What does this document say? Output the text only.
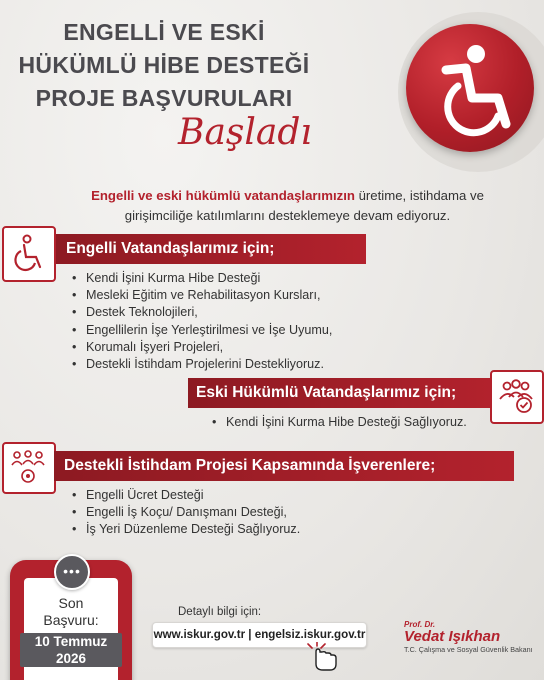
ENGELLİ VE ESKİ
HÜKÜMLÜ HİBE DESTEĞİ
PROJE BAŞVURULARI
Başladı
Engelli ve eski hükümlü vatandaşlarımızın üretime, istihdama ve
girişimciliğe katılımlarını desteklemeye devam ediyoruz.
Engelli Vatandaşlarımız için;
• Kendi İşini Kurma Hibe Desteği
• Mesleki Eğitim ve Rehabilitasyon Kursları,
• Destek Teknolojileri,
• Engellilerin İşe Yerleştirilmesi ve İşe Uyumu,
• Korumalı İşyeri Projeleri,
• Destekli İstihdam Projelerini Destekliyoruz.
Eski Hükümlü Vatandaşlarımız için;
• Kendi İşini Kurma Hibe Desteği Sağlıyoruz.
Destekli İstihdam Projesi Kapsamında İşverenlere;
• Engelli Ücret Desteği
• Engelli İş Koçu/ Danışmanı Desteği,
• İş Yeri Düzenleme Desteği Sağlıyoruz.
•••
Son
Başvuru:
10 Temmuz
2026
Detaylı bilgi için:
www.iskur.gov.tr | engelsiz.iskur.gov.tr
Prof. Dr.
Vedat Işıkhan
T.C. Çalışma ve Sosyal Güvenlik Bakanı
